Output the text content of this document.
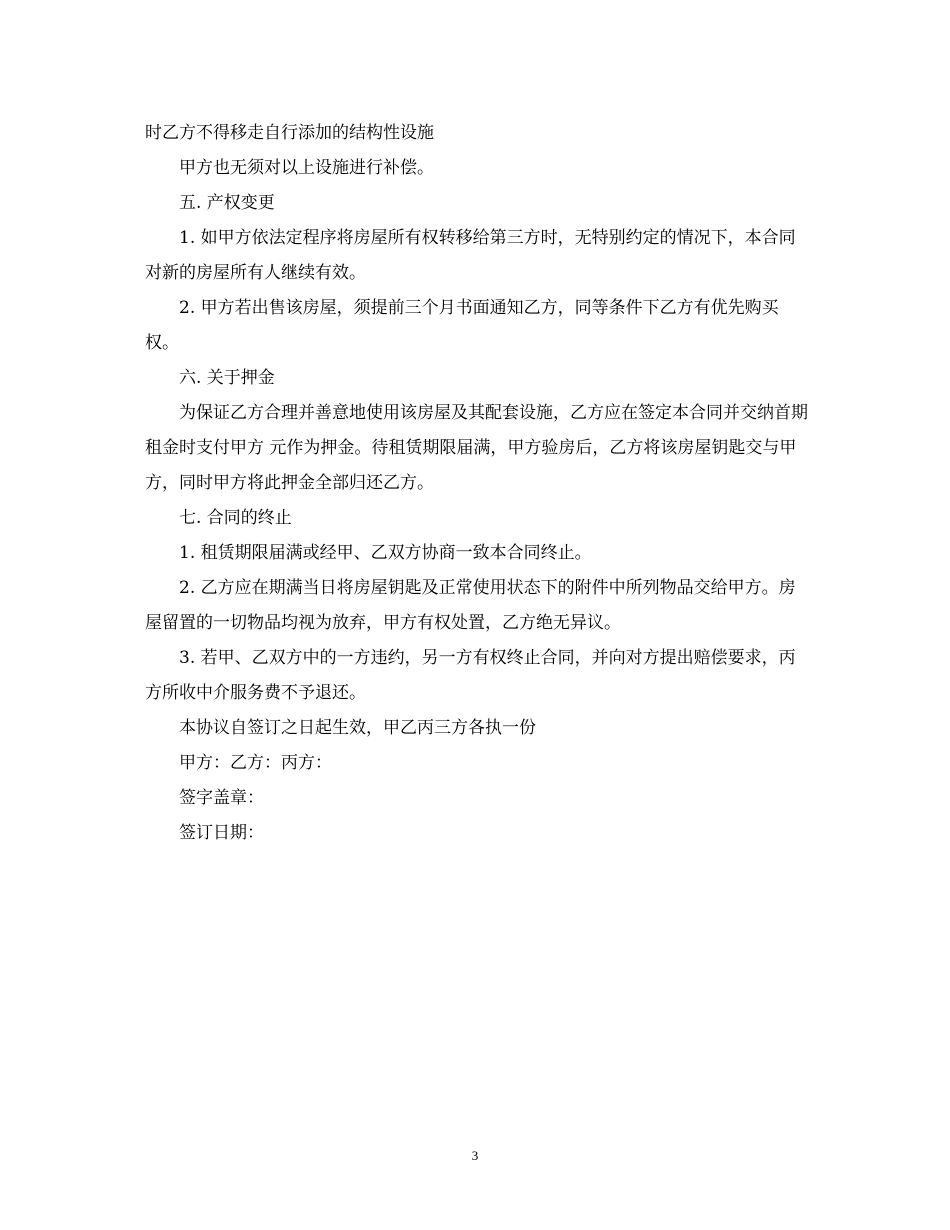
时乙方不得移走自行添加的结构性设施

甲方也无须对以上设施进行补偿。

五. 产权变更

1. 如甲方依法定程序将房屋所有权转移给第三方时，无特别约定的情况下，本合同对新的房屋所有人继续有效。

2. 甲方若出售该房屋，须提前三个月书面通知乙方，同等条件下乙方有优先购买权。

六. 关于押金

为保证乙方合理并善意地使用该房屋及其配套设施，乙方应在签定本合同并交纳首期租金时支付甲方 元作为押金。待租赁期限届满，甲方验房后，乙方将该房屋钥匙交与甲方，同时甲方将此押金全部归还乙方。

七. 合同的终止

1. 租赁期限届满或经甲、乙双方协商一致本合同终止。

2. 乙方应在期满当日将房屋钥匙及正常使用状态下的附件中所列物品交给甲方。房屋留置的一切物品均视为放弃，甲方有权处置，乙方绝无异议。

3. 若甲、乙双方中的一方违约，另一方有权终止合同，并向对方提出赔偿要求，丙方所收中介服务费不予退还。

本协议自签订之日起生效，甲乙丙三方各执一份

甲方：乙方：丙方：

签字盖章：

签订日期：

3
